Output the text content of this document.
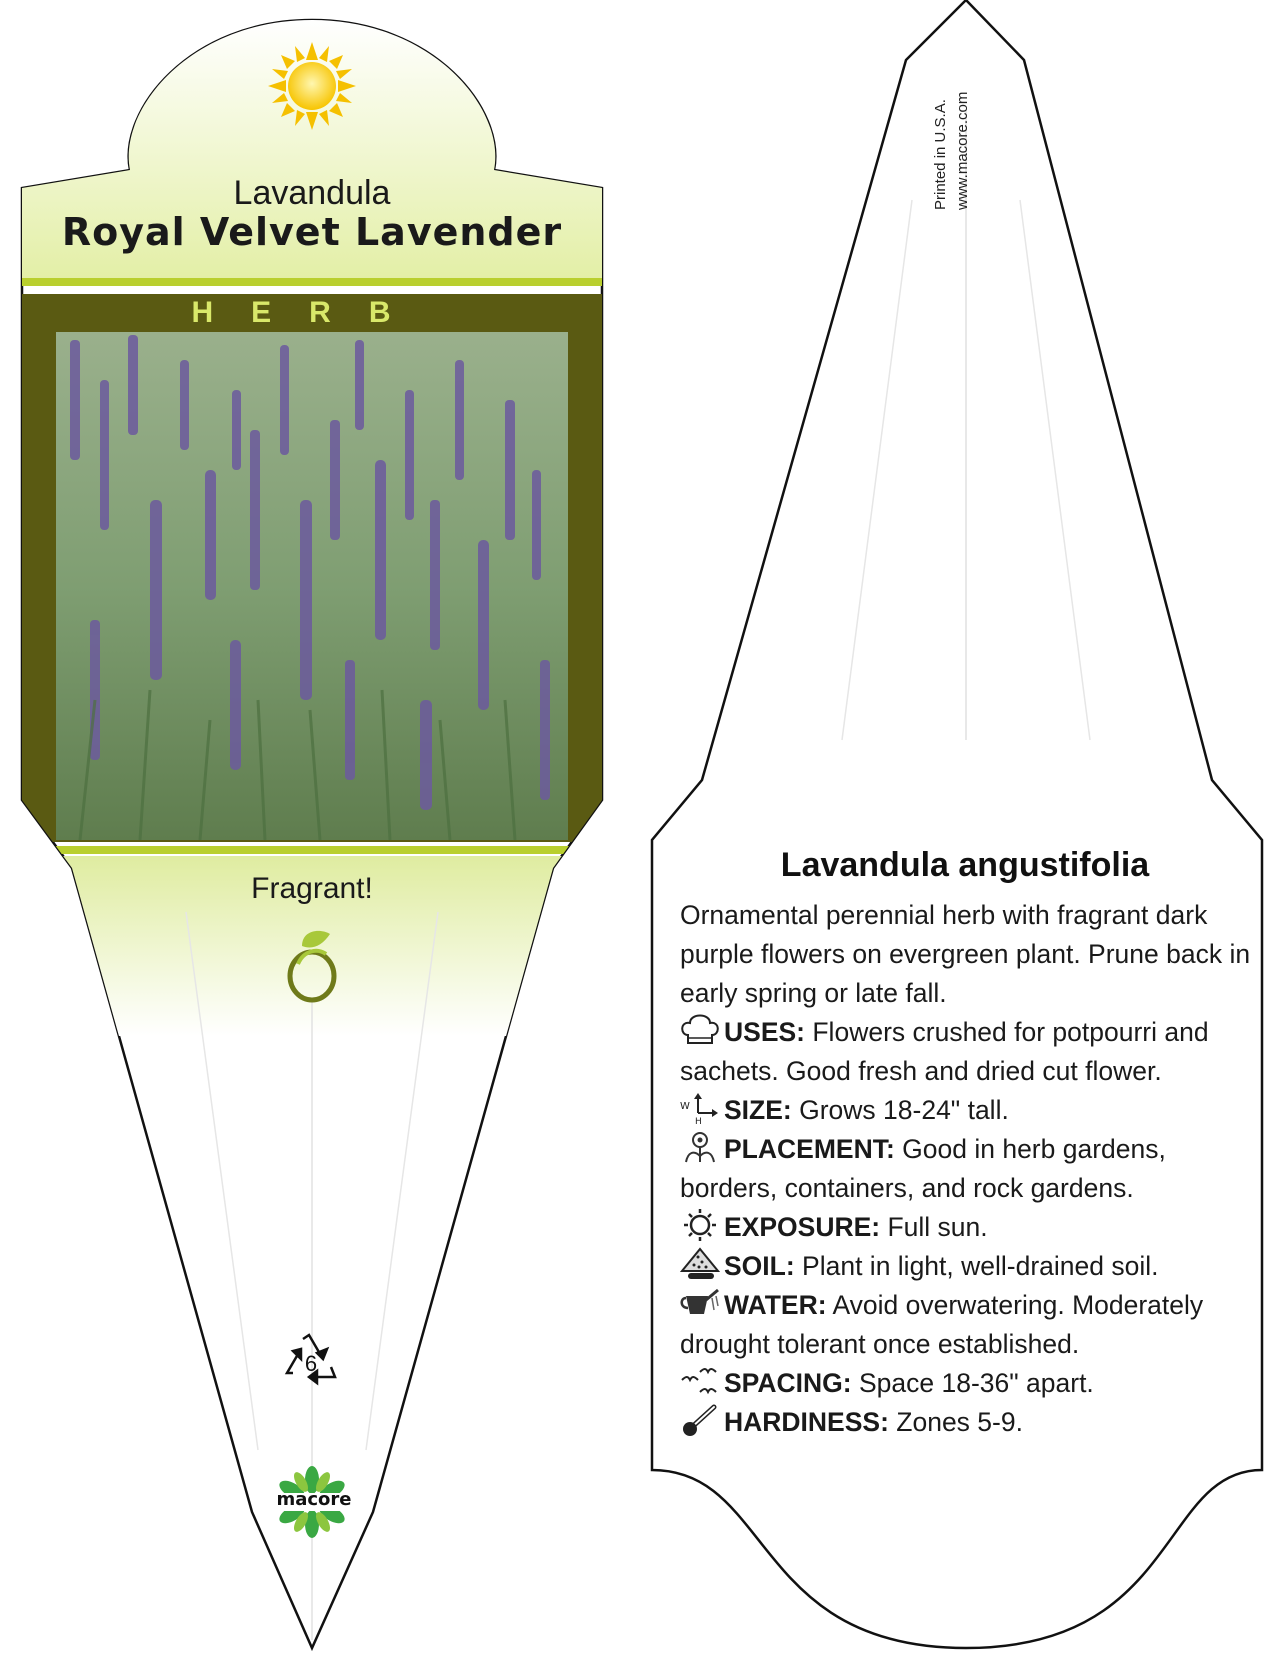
Lavandula
Royal Velvet Lavender
HERB
Fragrant!
6
macore
Printed in U.S.A. www.macore.com
Lavandula angustifolia

Ornamental perennial herb with fragrant dark purple flowers on evergreen plant. Prune back in early spring or late fall.

USES: Flowers crushed for potpourri and sachets. Good fresh and dried cut flower.

W
H SIZE: Grows 18-24" tall.

PLACEMENT: Good in herb gardens, borders, containers, and rock gardens.

EXPOSURE: Full sun.

SOIL: Plant in light, well-drained soil.

WATER: Avoid overwatering. Moderately drought tolerant once established.

SPACING: Space 18-36" apart.

HARDINESS: Zones 5-9.
